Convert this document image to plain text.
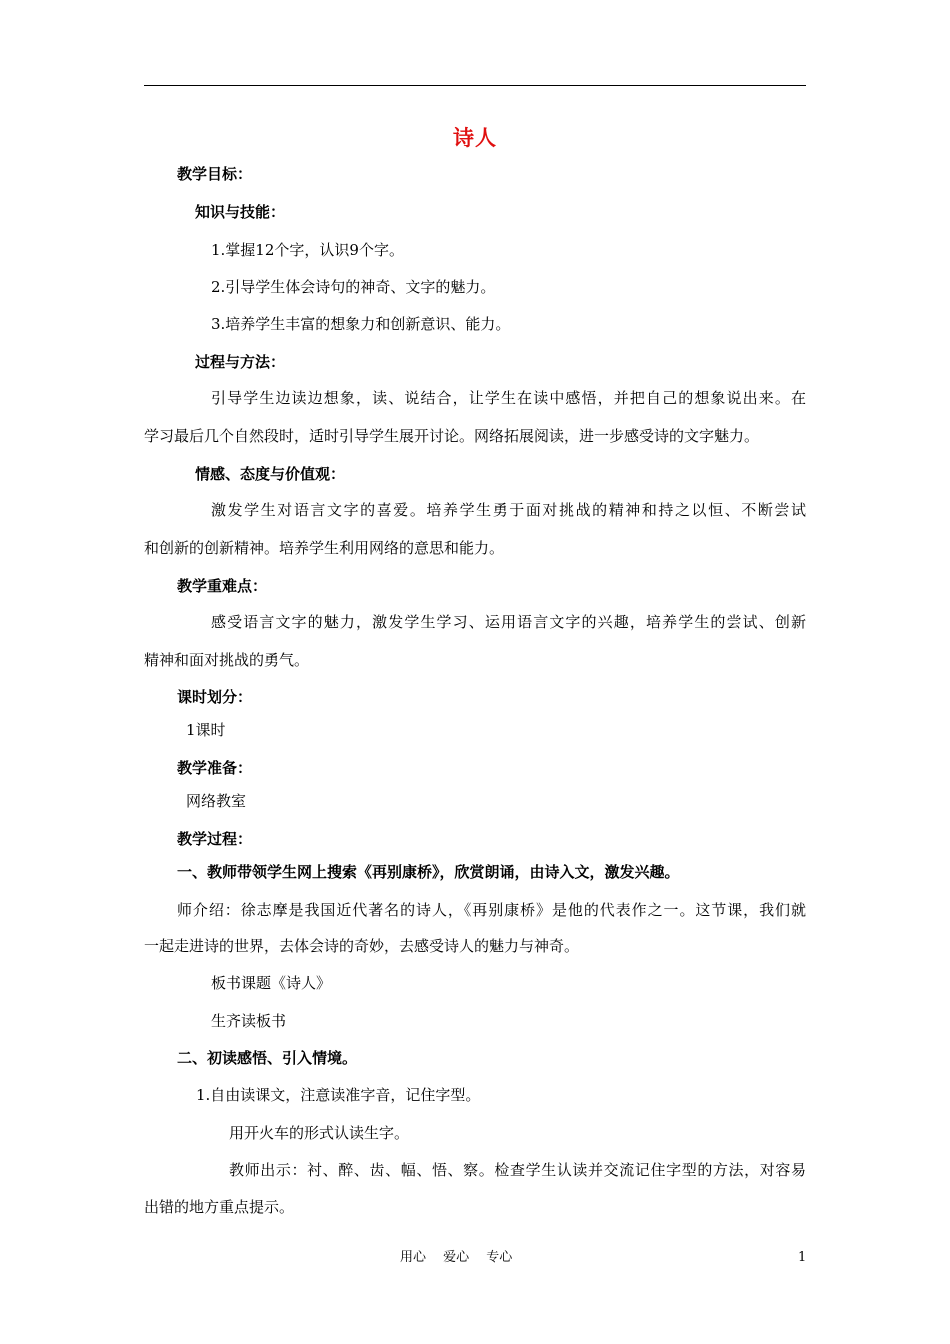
诗人
教学目标：
知识与技能：
1.掌握12个字，认识9个字。
2.引导学生体会诗句的神奇、文字的魅力。
3.培养学生丰富的想象力和创新意识、能力。
过程与方法：
引导学生边读边想象，读、说结合，让学生在读中感悟，并把自己的想象说出来。在
学习最后几个自然段时，适时引导学生展开讨论。网络拓展阅读，进一步感受诗的文字魅力。
情感、态度与价值观：
激发学生对语言文字的喜爱。培养学生勇于面对挑战的精神和持之以恒、不断尝试
和创新的创新精神。培养学生利用网络的意思和能力。
教学重难点：
感受语言文字的魅力，激发学生学习、运用语言文字的兴趣，培养学生的尝试、创新
精神和面对挑战的勇气。
课时划分：
1课时
教学准备：
网络教室
教学过程：
一、教师带领学生网上搜索《再别康桥》，欣赏朗诵，由诗入文，激发兴趣。
师介绍：徐志摩是我国近代著名的诗人，《再别康桥》是他的代表作之一。这节课，我们就
一起走进诗的世界，去体会诗的奇妙，去感受诗人的魅力与神奇。
板书课题《诗人》
生齐读板书
二、初读感悟、引入情境。
1.自由读课文，注意读准字音，记住字型。
用开火车的形式认读生字。
教师出示：衬、醉、齿、幅、悟、察。检查学生认读并交流记住字型的方法，对容易
出错的地方重点提示。
用心　 爱心　 专心	1
